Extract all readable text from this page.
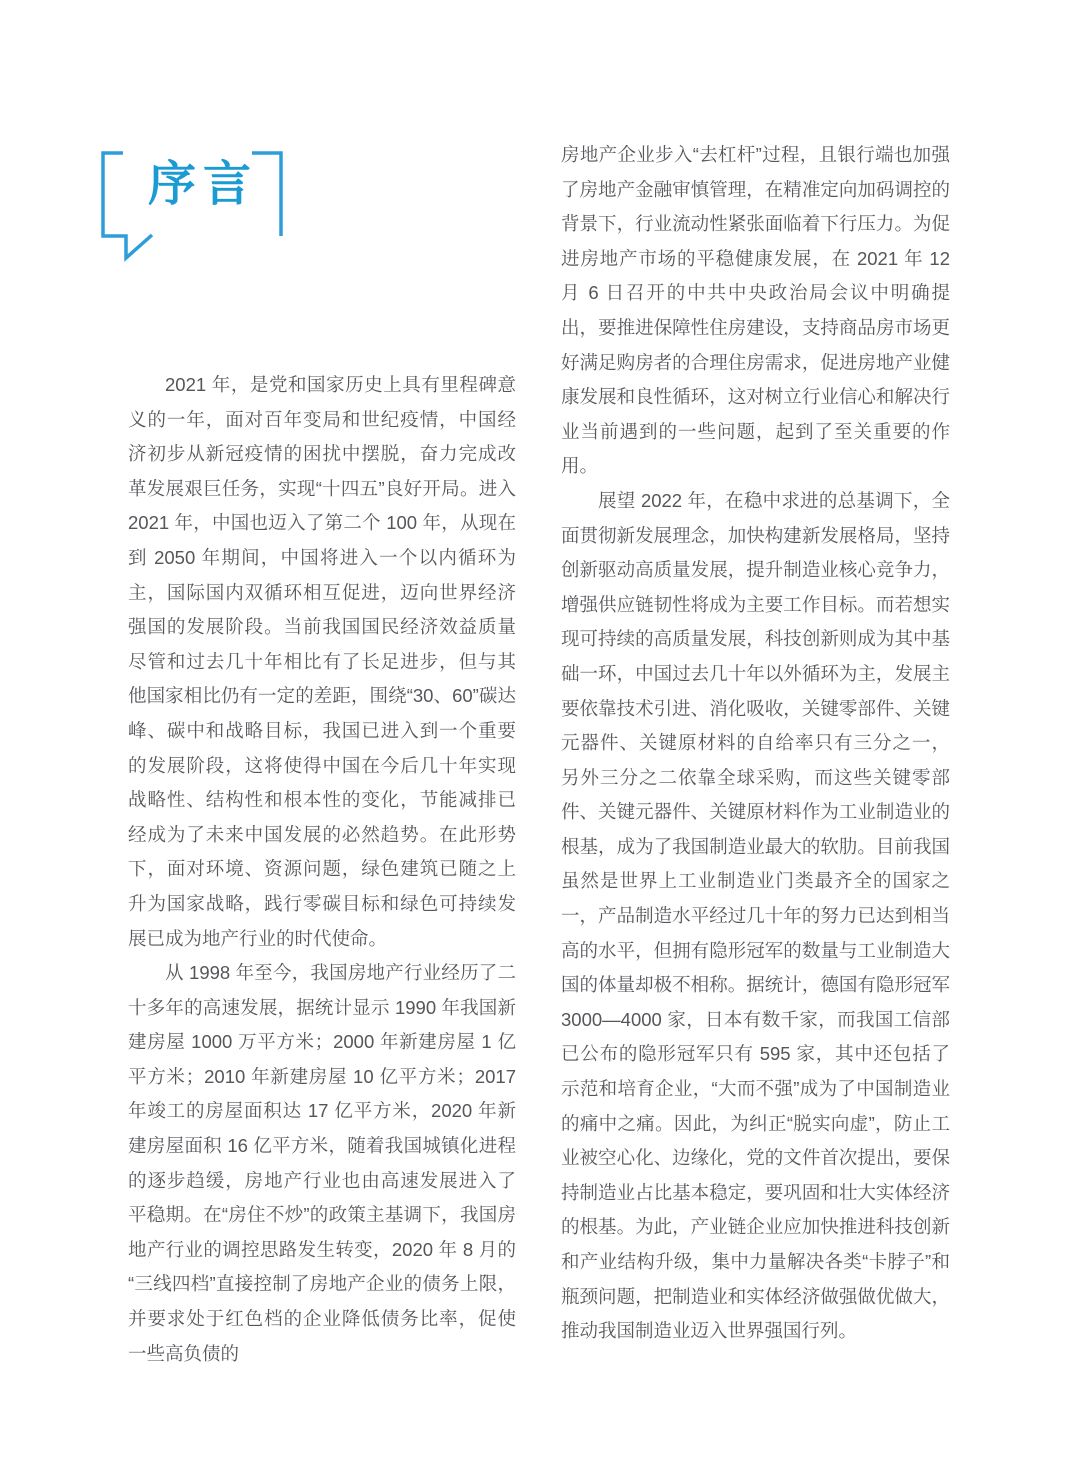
序言

2021 年，是党和国家历史上具有里程碑意义的一年，面对百年变局和世纪疫情，中国经济初步从新冠疫情的困扰中摆脱，奋力完成改革发展艰巨任务，实现“十四五”良好开局。进入 2021 年，中国也迈入了第二个 100 年，从现在到 2050 年期间，中国将进入一个以内循环为主，国际国内双循环相互促进，迈向世界经济强国的发展阶段。当前我国国民经济效益质量尽管和过去几十年相比有了长足进步，但与其他国家相比仍有一定的差距，围绕“30、60”碳达峰、碳中和战略目标，我国已进入到一个重要的发展阶段，这将使得中国在今后几十年实现战略性、结构性和根本性的变化，节能减排已经成为了未来中国发展的必然趋势。在此形势下，面对环境、资源问题，绿色建筑已随之上升为国家战略，践行零碳目标和绿色可持续发展已成为地产行业的时代使命。

从 1998 年至今，我国房地产行业经历了二十多年的高速发展，据统计显示 1990 年我国新建房屋 1000 万平方米；2000 年新建房屋 1 亿平方米；2010 年新建房屋 10 亿平方米；2017 年竣工的房屋面积达 17 亿平方米，2020 年新建房屋面积 16 亿平方米，随着我国城镇化进程的逐步趋缓，房地产行业也由高速发展进入了平稳期。在“房住不炒”的政策主基调下，我国房地产行业的调控思路发生转变，2020 年 8 月的“三线四档”直接控制了房地产企业的债务上限，并要求处于红色档的企业降低债务比率，促使一些高负债的

房地产企业步入“去杠杆”过程，且银行端也加强了房地产金融审慎管理，在精准定向加码调控的背景下，行业流动性紧张面临着下行压力。为促进房地产市场的平稳健康发展，在 2021 年 12 月 6 日召开的中共中央政治局会议中明确提出，要推进保障性住房建设，支持商品房市场更好满足购房者的合理住房需求，促进房地产业健康发展和良性循环，这对树立行业信心和解决行业当前遇到的一些问题，起到了至关重要的作用。

展望 2022 年，在稳中求进的总基调下，全面贯彻新发展理念，加快构建新发展格局，坚持创新驱动高质量发展，提升制造业核心竞争力，增强供应链韧性将成为主要工作目标。而若想实现可持续的高质量发展，科技创新则成为其中基础一环，中国过去几十年以外循环为主，发展主要依靠技术引进、消化吸收，关键零部件、关键元器件、关键原材料的自给率只有三分之一， 另外三分之二依靠全球采购，而这些关键零部件、关键元器件、关键原材料作为工业制造业的根基，成为了我国制造业最大的软肋。目前我国虽然是世界上工业制造业门类最齐全的国家之一，产品制造水平经过几十年的努力已达到相当高的水平，但拥有隐形冠军的数量与工业制造大国的体量却极不相称。据统计，德国有隐形冠军 3000—4000 家，日本有数千家，而我国工信部已公布的隐形冠军只有 595 家，其中还包括了示范和培育企业，“大而不强”成为了中国制造业的痛中之痛。因此，为纠正“脱实向虚”，防止工业被空心化、边缘化，党的文件首次提出，要保持制造业占比基本稳定，要巩固和壮大实体经济的根基。为此，产业链企业应加快推进科技创新和产业结构升级，集中力量解决各类“卡脖子”和瓶颈问题，把制造业和实体经济做强做优做大，推动我国制造业迈入世界强国行列。
